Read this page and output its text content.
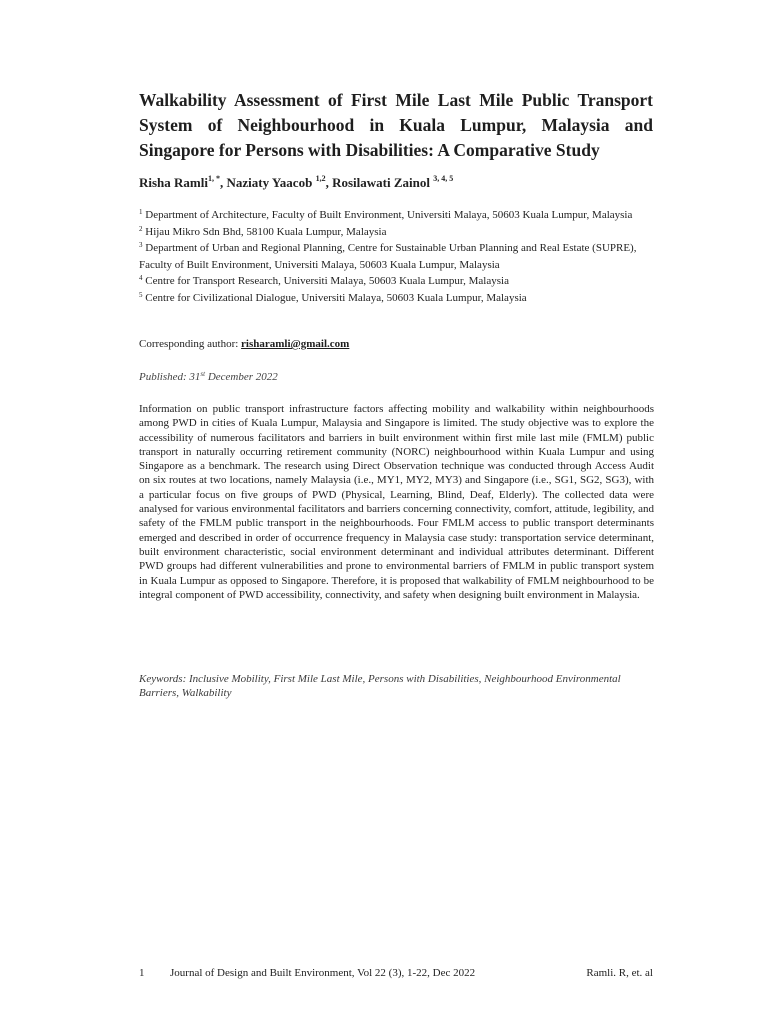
Walkability Assessment of First Mile Last Mile Public Transport System of Neighbourhood in Kuala Lumpur, Malaysia and Singapore for Persons with Disabilities: A Comparative Study

Risha Ramli$^{1, *}$, Naziaty Yaacob $^{1,2}$, Rosilawati Zainol $^{3, 4, 5}$

$^1$ Department of Architecture, Faculty of Built Environment, Universiti Malaya, 50603 Kuala Lumpur, Malaysia
$^2$ Hijau Mikro Sdn Bhd, 58100 Kuala Lumpur, Malaysia
$^3$ Department of Urban and Regional Planning, Centre for Sustainable Urban Planning and Real Estate (SUPRE), Faculty of Built Environment, Universiti Malaya, 50603 Kuala Lumpur, Malaysia
$^4$ Centre for Transport Research, Universiti Malaya, 50603 Kuala Lumpur, Malaysia
$^5$ Centre for Civilizational Dialogue, Universiti Malaya, 50603 Kuala Lumpur, Malaysia

Corresponding author: risharamli@gmail.com

Published: 31st December 2022

Information on public transport infrastructure factors affecting mobility and walkability within neighbourhoods among PWD in cities of Kuala Lumpur, Malaysia and Singapore is limited. The study objective was to explore the accessibility of numerous facilitators and barriers in built environment within first mile last mile (FMLM) public transport in naturally occurring retirement community (NORC) neighbourhood within Kuala Lumpur and using Singapore as a benchmark. The research using Direct Observation technique was conducted through Access Audit on six routes at two locations, namely Malaysia (i.e., MY1, MY2, MY3) and Singapore (i.e., SG1, SG2, SG3), with a particular focus on five groups of PWD (Physical, Learning, Blind, Deaf, Elderly). The collected data were analysed for various environmental facilitators and barriers concerning connectivity, comfort, attitude, legibility, and safety of the FMLM public transport in the neighbourhoods. Four FMLM access to public transport determinants emerged and described in order of occurrence frequency in Malaysia case study: transportation service determinant, built environment characteristic, social environment determinant and individual attributes determinant. Different PWD groups had different vulnerabilities and prone to environmental barriers of FMLM in public transport system in Kuala Lumpur as opposed to Singapore. Therefore, it is proposed that walkability of FMLM neighbourhood to be integral component of PWD accessibility, connectivity, and safety when designing built environment in Malaysia.

Keywords: Inclusive Mobility, First Mile Last Mile, Persons with Disabilities, Neighbourhood Environmental Barriers, Walkability

1 Journal of Design and Built Environment, Vol 22 (3), 1-22, Dec 2022	Ramli. R, et. al
